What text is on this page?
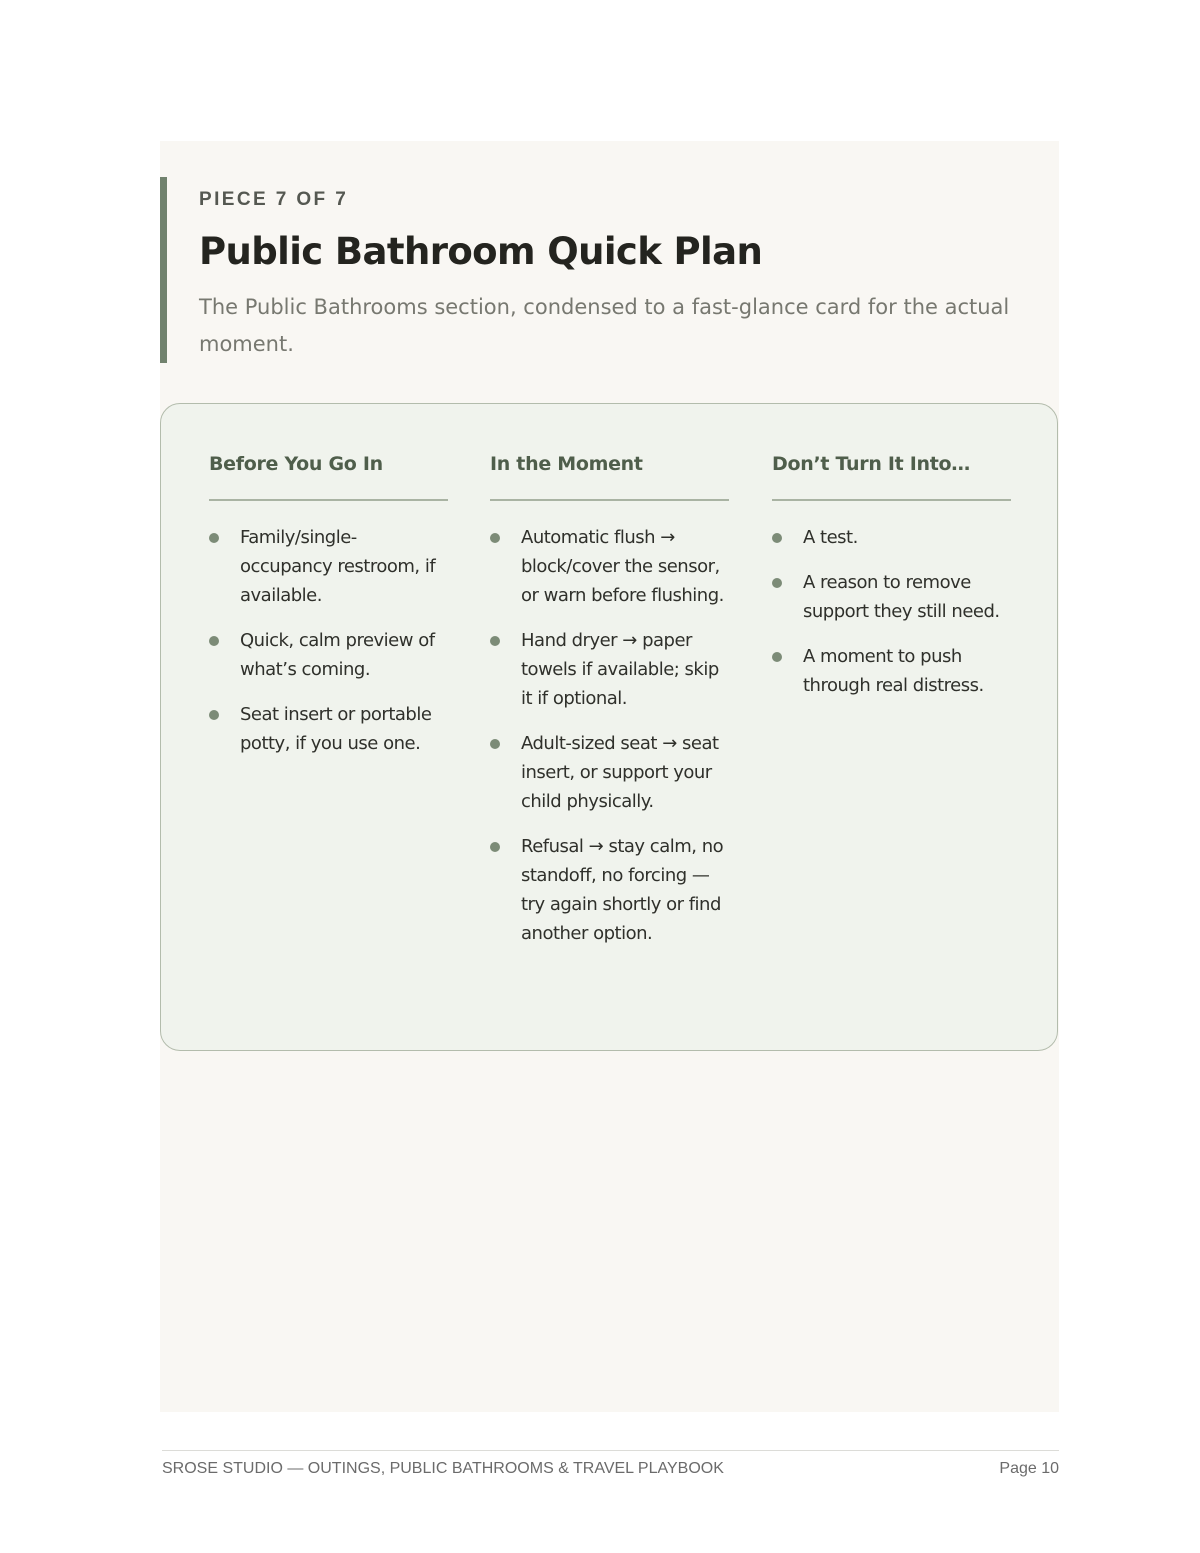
PIECE 7 OF 7
Public Bathroom Quick Plan
The Public Bathrooms section, condensed to a fast-glance card for the actual moment.
Before You Go In
Family/single-occupancy restroom, if available.
Quick, calm preview of what’s coming.
Seat insert or portable potty, if you use one.
In the Moment
Automatic flush → block/cover the sensor, or warn before flushing.
Hand dryer → paper towels if available; skip it if optional.
Adult-sized seat → seat insert, or support your child physically.
Refusal → stay calm, no standoff, no forcing — try again shortly or find another option.
Don’t Turn It Into…
A test.
A reason to remove support they still need.
A moment to push through real distress.
SROSE STUDIO — OUTINGS, PUBLIC BATHROOMS & TRAVEL PLAYBOOK	Page 10
